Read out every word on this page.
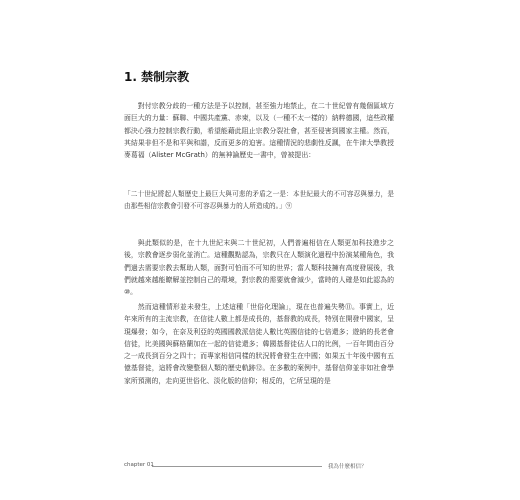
1. 禁制宗教

對付宗教分歧的一種方法是予以控制，甚至強力地禁止，在二十世紀曾有幾個區域方面巨大的力量：蘇聯、中國共產黨、赤柬，以及（一種不太一樣的）納粹德國，這些政權都決心強力控制宗教行動，希望能藉此阻止宗教分裂社會，甚至侵害到國家主權。然而，其結果非但不是和平與和諧，反而更多的迫害。這種情況的悲劇性反諷，在牛津大學教授麥葛福（Alister McGrath）的無神論歷史一書中，曾被提出：

「二十世紀將起人類歷史上最巨大與可悲的矛盾之一是：本世紀最大的不可容忍與暴力，是由那些相信宗教會引發不可容忍與暴力的人所造成的。」⑨

與此類似的是，在十九世紀末與二十世紀初，人們普遍相信在人類更加科技進步之後，宗教會逐步弱化並消亡。這種觀點認為，宗教只在人類演化過程中扮演某種角色，我們過去需要宗教去幫助人類，面對可怕而不可知的世界；當人類科技擁有高度發展後，我們就越來越能瞭解並控制自己的環境，對宗教的需要就會減少，當時的人確是如此認為的⑩。

然而這種情形並未發生，上述這種「世俗化理論」，現在也普遍失勢⑪。事實上，近年來所有的主流宗教，在信徒人數上都是成長的，基督教的成長，特別在開發中國家，呈現爆發；如今，在奈及利亞的英國國教派信徒人數比英國信徒的七倍還多；遊納的長老會信徒，比美國與蘇格蘭加在一起的信徒還多；韓國基督徒佔人口的比例，一百年間由百分之一成長到百分之四十；而專家相信同樣的狀況將會發生在中國；如果五十年後中國有五億基督徒，這將會改變整個人類的歷史軌跡⑫。在多數的案例中，基督信仰並非如社會學家所預測的，走向更世俗化、淡化版的信仰；相反的，它所呈現的是

chapter 01	我為什麼相信？
